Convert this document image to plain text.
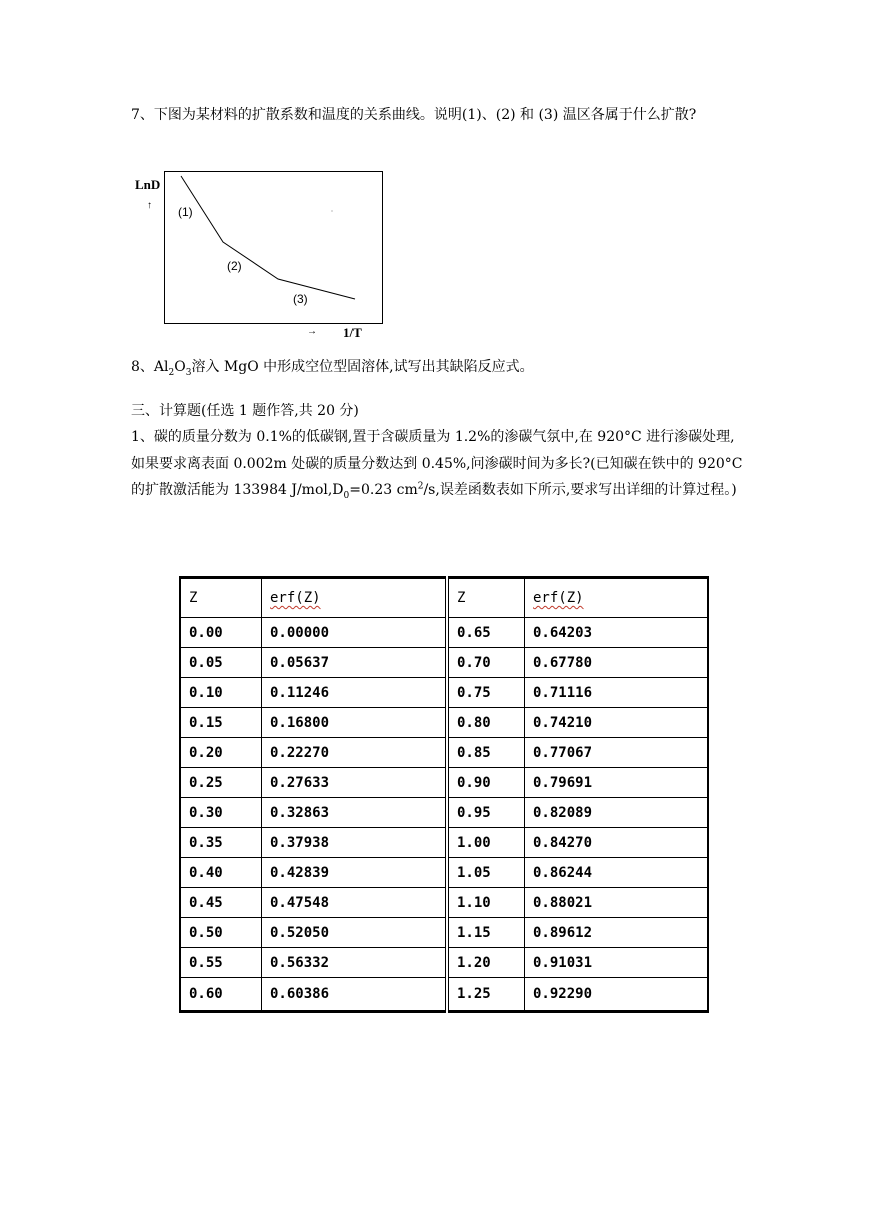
7、下图为某材料的扩散系数和温度的关系曲线。说明(1)、(2) 和 (3) 温区各属于什么扩散?

LnD
↑ (1)
(2)
(3)
→ 1/T

8、$Al_2O_3$溶入 MgO 中形成空位型固溶体,试写出其缺陷反应式。

三、计算题(任选 1 题作答,共 20 分)

1、碳的质量分数为 0.1%的低碳钢,置于含碳质量为 1.2%的渗碳气氛中,在 920°C 进行渗碳处理,如果要求离表面 0.002m 处碳的质量分数达到 0.45%,问渗碳时间为多长?(已知碳在铁中的 920°C 的扩散激活能为 133984 $J/mol,D_0=0.23$ $cm^2/s$,误差函数表如下所示,要求写出详细的计算过程。)

Z	erf(Z)	Z	erf(Z)
0.00	0.00000	0.65	0.64203
0.05	0.05637	0.70	0.67780
0.10	0.11246	0.75	0.71116
0.15	0.16800	0.80	0.74210
0.20	0.22270	0.85	0.77067
0.25	0.27633	0.90	0.79691
0.30	0.32863	0.95	0.82089
0.35	0.37938	1.00	0.84270
0.40	0.42839	1.05	0.86244
0.45	0.47548	1.10	0.88021
0.50	0.52050	1.15	0.89612
0.55	0.56332	1.20	0.91031
0.60	0.60386	1.25	0.92290
